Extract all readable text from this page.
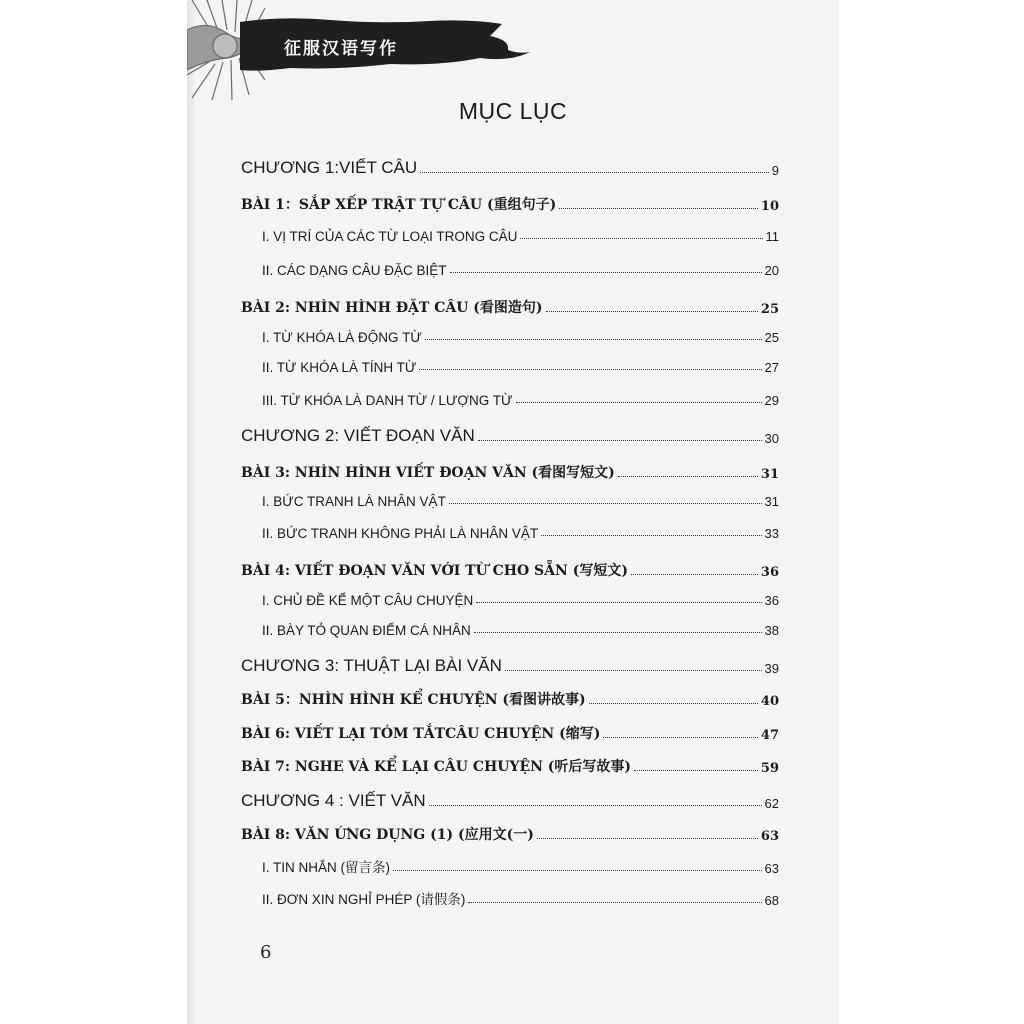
征服汉语写作
MỤC LỤC
CHƯƠNG 1:VIẾT CÂU	9
BÀI 1：SẮP XẾP TRẬT TỰ CÂU (重组句子)	10
I. VỊ TRÍ CỦA CÁC TỪ LOẠI TRONG CÂU	11
II. CÁC DẠNG CÂU ĐẶC BIỆT	20
BÀI 2: NHÌN HÌNH ĐẶT CÂU (看图造句)	25
I. TỪ KHÓA LÀ ĐỘNG TỪ	25
II. TỪ KHÓA LÀ TÍNH TỪ	27
III. TỪ KHÓA LÀ DANH TỪ / LƯỢNG TỪ	29
CHƯƠNG 2: VIẾT ĐOẠN VĂN	30
BÀI 3: NHÌN HÌNH VIẾT ĐOẠN VĂN (看图写短文)	31
I. BỨC TRANH LÀ NHÂN VẬT	31
II. BỨC TRANH KHÔNG PHẢI LÀ NHÂN VẬT	33
BÀI 4: VIẾT ĐOẠN VĂN VỚI TỪ CHO SẴN (写短文)	36
I. CHỦ ĐỀ KỂ MỘT CÂU CHUYỆN	36
II. BÀY TỎ QUAN ĐIỂM CÁ NHÂN	38
CHƯƠNG 3: THUẬT LẠI BÀI VĂN	39
BÀI 5：NHÌN HÌNH KỂ CHUYỆN (看图讲故事)	40
BÀI 6: VIẾT LẠI TÓM TẮTCÂU CHUYỆN (缩写)	47
BÀI 7: NGHE VÀ KỂ LẠI CÂU CHUYỆN (听后写故事)	59
CHƯƠNG 4 : VIẾT VĂN	62
BÀI 8: VĂN ỨNG DỤNG (1) (应用文(一)	63
I. TIN NHẮN (留言条)	63
II. ĐƠN XIN NGHỈ PHÉP (请假条)	68
6
